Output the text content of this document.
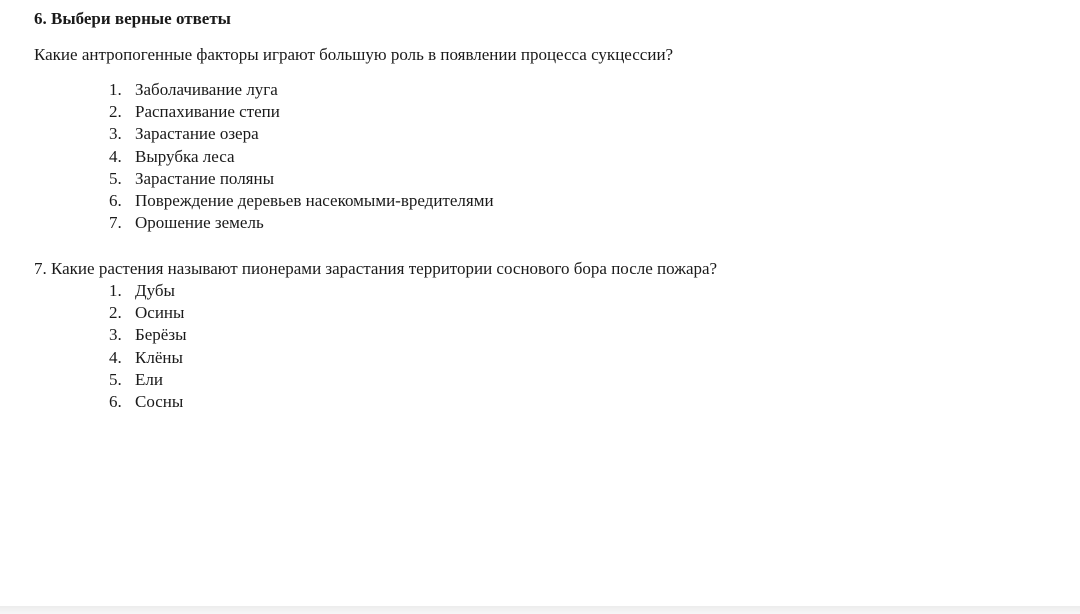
6. Выбери верные ответы
Какие антропогенные факторы играют большую роль в появлении процесса сукцессии?
1. Заболачивание луга
2. Распахивание степи
3. Зарастание озера
4. Вырубка леса
5. Зарастание поляны
6. Повреждение деревьев насекомыми-вредителями
7. Орошение земель
7. Какие растения называют пионерами зарастания территории соснового бора после пожара?
1. Дубы
2. Осины
3. Берёзы
4. Клёны
5. Ели
6. Сосны
